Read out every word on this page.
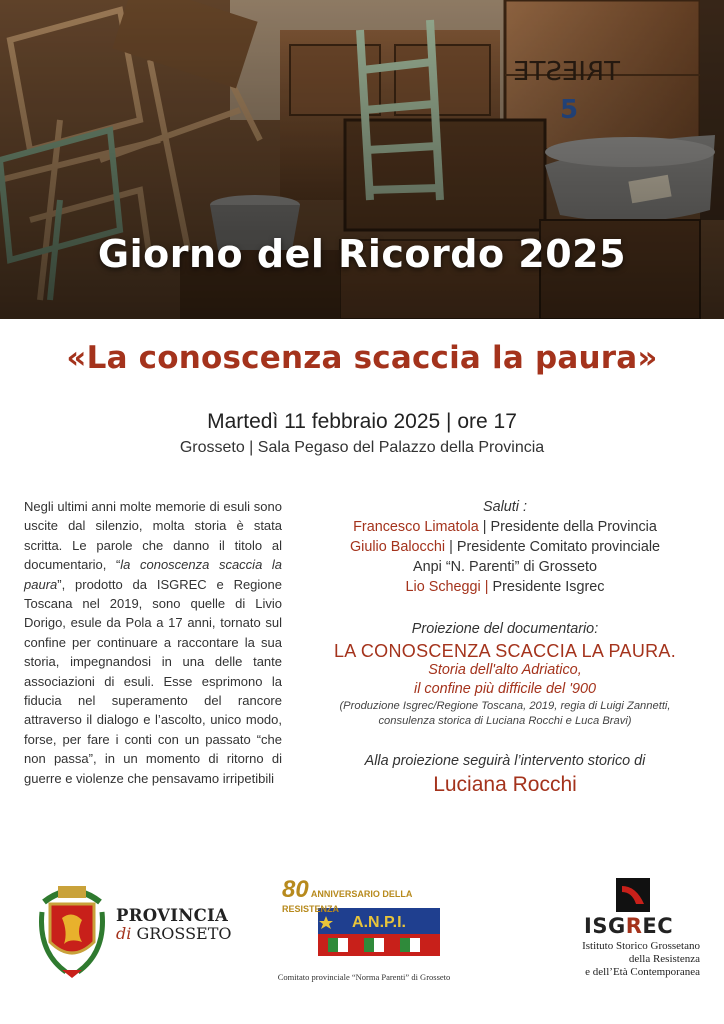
Giorno del Ricordo 2025
«La conoscenza scaccia la paura»
Martedì 11 febbraio 2025 | ore 17
Grosseto | Sala Pegaso del Palazzo della Provincia
Negli ultimi anni molte memorie di esuli sono uscite dal silenzio, molta storia è stata scritta. Le parole che danno il titolo al documentario, “la conoscenza scaccia la paura”, prodotto da ISGREC e Regione Toscana nel 2019, sono quelle di Livio Dorigo, esule da Pola a 17 anni, tornato sul confine per continuare a raccontare la sua storia, impegnandosi in una delle tante associazioni di esuli. Esse esprimono la fiducia nel superamento del rancore attraverso il dialogo e l’ascolto, unico modo, forse, per fare i conti con un passato “che non passa”, in un momento di ritorno di guerre e violenze che pensavamo irripetibili
Saluti :
Francesco Limatola | Presidente della Provincia
Giulio Balocchi | Presidente Comitato provinciale
Anpi “N. Parenti” di Grosseto
Lio Scheggi | Presidente Isgrec
Proiezione del documentario:
LA CONOSCENZA SCACCIA LA PAURA.
Storia dell'alto Adriatico,
il confine più difficile del '900
(Produzione Isgrec/Regione Toscana, 2019, regia di Luigi Zannetti,
consulenza storica di Luciana Rocchi e Luca Bravi)
Alla proiezione seguirà l’intervento storico di
Luciana Rocchi
A.N.P.I.
PROVINCIA
di GROSSETO
80 ANNIVERSARIO DELLA RESISTENZA
Comitato provinciale “Norma Parenti” di Grosseto
ISGREC
Istituto Storico Grossetano
della Resistenza
e dell’Età Contemporanea
